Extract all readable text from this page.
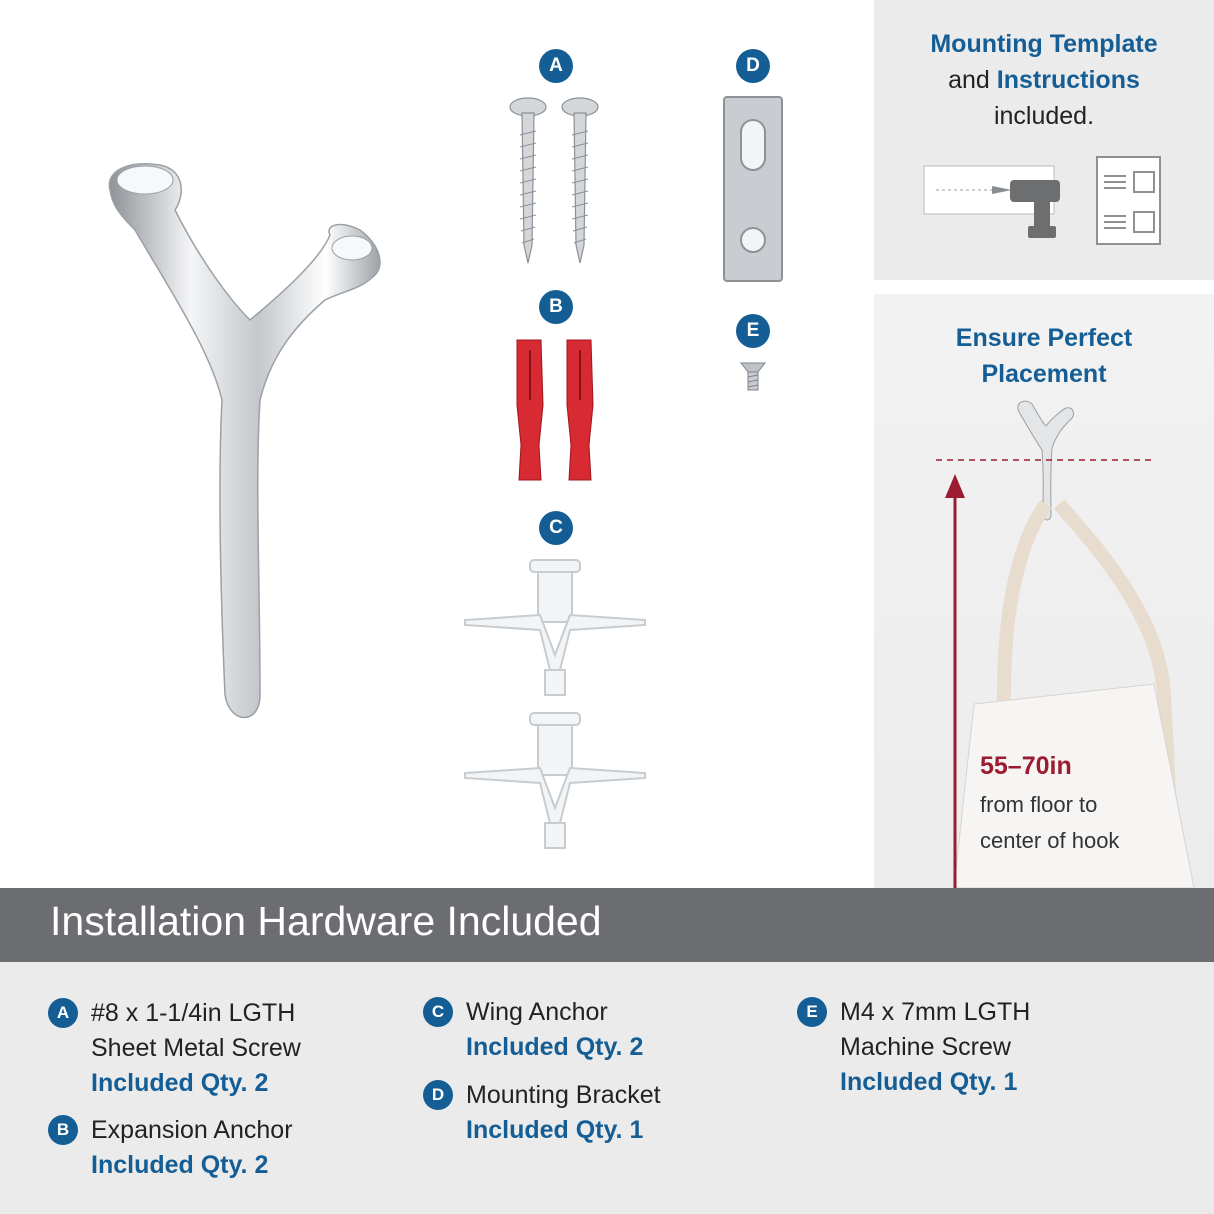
A
B
C
D
E
Mounting Template
and Instructions
included.
Ensure Perfect
Placement
55–70in
from floor to
center of hook
Installation Hardware Included
A #8 x 1-1/4in LGTH
Sheet Metal Screw
Included Qty. 2
B Expansion Anchor
Included Qty. 2
C Wing Anchor
Included Qty. 2
D Mounting Bracket
Included Qty. 1
E M4 x 7mm LGTH
Machine Screw
Included Qty. 1
